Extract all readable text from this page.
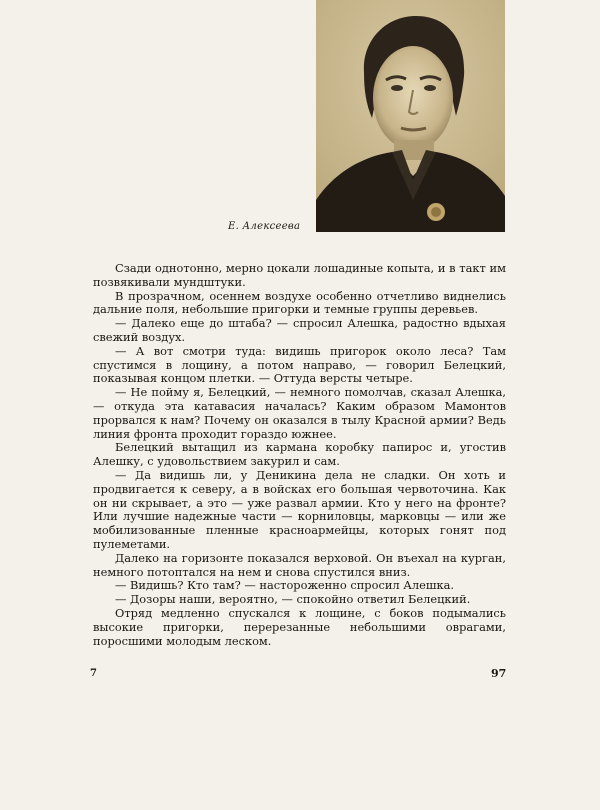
Е. Алексеева

Сзади однотонно, мерно цокали лошадиные копыта, и в такт им позвякивали мундштуки.

В прозрачном, осеннем воздухе особенно отчетливо виднелись дальние поля, небольшие пригорки и темные группы деревьев.

— Далеко еще до штаба? — спросил Алешка, радостно вдыхая свежий воздух.

— А вот смотри туда: видишь пригорок около леса? Там спустимся в лощину, а потом направо, — говорил Белецкий, показывая концом плетки. — Оттуда версты четыре.

— Не пойму я, Белецкий, — немного помолчав, сказал Алешка, — откуда эта катавасия началась? Каким образом Мамонтов прорвался к нам? Почему он оказался в тылу Красной армии? Ведь линия фронта проходит гораздо южнее.

Белецкий вытащил из кармана коробку папирос и, угостив Алешку, с удовольствием закурил и сам.

— Да видишь ли, у Деникина дела не сладки. Он хоть и продвигается к северу, а в войсках его большая червоточина. Как он ни скрывает, а это — уже развал армии. Кто у него на фронте? Или лучшие надежные части — корниловцы, марковцы — или же мобилизованные пленные красноармейцы, которых гонят под пулеметами.

Далеко на горизонте показался верховой. Он въехал на курган, немного потоптался на нем и снова спустился вниз.

— Видишь? Кто там? — настороженно спросил Алешка.

— Дозоры наши, вероятно, — спокойно ответил Белецкий.

Отряд медленно спускался к лощине, с боков подымались высокие пригорки, перерезанные небольшими оврагами, поросшими молодым леском.

7	97
